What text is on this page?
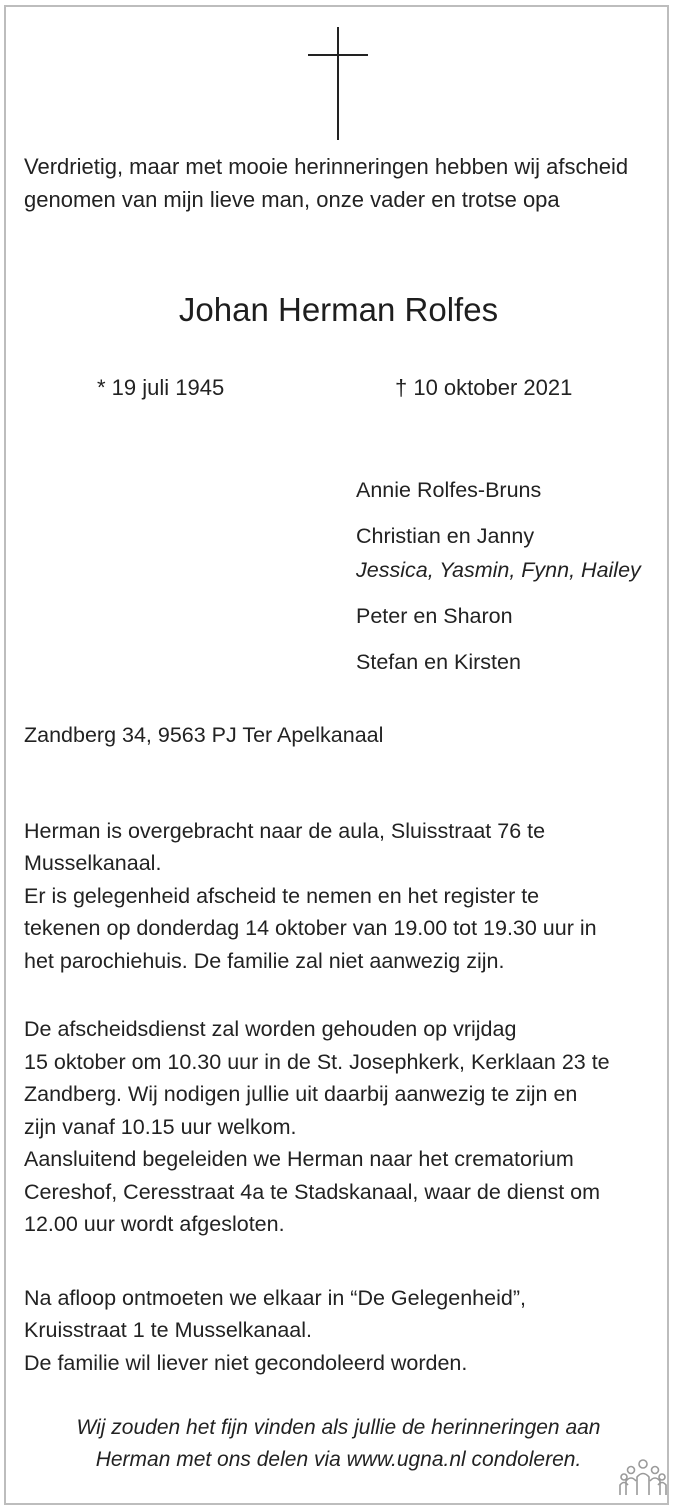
Verdrietig, maar met mooie herinneringen hebben wij afscheid
genomen van mijn lieve man, onze vader en trotse opa
Johan Herman Rolfes
* 19 juli 1945	† 10 oktober 2021
Annie Rolfes-Bruns
Christian en Janny
Jessica, Yasmin, Fynn, Hailey
Peter en Sharon
Stefan en Kirsten
Zandberg 34, 9563 PJ Ter Apelkanaal
Herman is overgebracht naar de aula, Sluisstraat 76 te
Musselkanaal.
Er is gelegenheid afscheid te nemen en het register te
tekenen op donderdag 14 oktober van 19.00 tot 19.30 uur in
het parochiehuis. De familie zal niet aanwezig zijn.
De afscheidsdienst zal worden gehouden op vrijdag
15 oktober om 10.30 uur in de St. Josephkerk, Kerklaan 23 te
Zandberg. Wij nodigen jullie uit daarbij aanwezig te zijn en
zijn vanaf 10.15 uur welkom.
Aansluitend begeleiden we Herman naar het crematorium
Cereshof, Ceresstraat 4a te Stadskanaal, waar de dienst om
12.00 uur wordt afgesloten.
Na afloop ontmoeten we elkaar in “De Gelegenheid”,
Kruisstraat 1 te Musselkanaal.
De familie wil liever niet gecondoleerd worden.
Wij zouden het fijn vinden als jullie de herinneringen aan
Herman met ons delen via www.ugna.nl condoleren.
